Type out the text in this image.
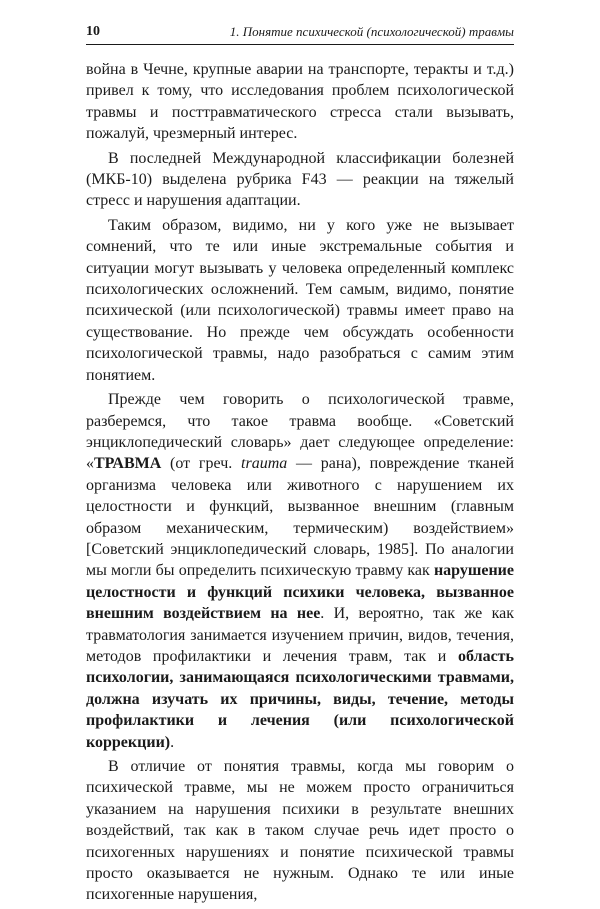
10	1. Понятие психической (психологической) травмы

война в Чечне, крупные аварии на транспорте, теракты и т.д.) привел к тому, что исследования проблем психологической травмы и посттравматического стресса стали вызывать, пожалуй, чрезмерный интерес.

В последней Международной классификации болезней (МКБ-10) выделена рубрика F43 — реакции на тяжелый стресс и нарушения адаптации.

Таким образом, видимо, ни у кого уже не вызывает сомнений, что те или иные экстремальные события и ситуации могут вызывать у человека определенный комплекс психологических осложнений. Тем самым, видимо, понятие психической (или психологической) травмы имеет право на существование. Но прежде чем обсуждать особенности психологической травмы, надо разобраться с самим этим понятием.

Прежде чем говорить о психологической травме, разберемся, что такое травма вообще. «Советский энциклопедический словарь» дает следующее определение: «ТРАВМА (от греч. trauma — рана), повреждение тканей организма человека или животного с нарушением их целостности и функций, вызванное внешним (главным образом механическим, термическим) воздействием» [Советский энциклопедический словарь, 1985]. По аналогии мы могли бы определить психическую травму как нарушение целостности и функций психики человека, вызванное внешним воздействием на нее. И, вероятно, так же как травматология занимается изучением причин, видов, течения, методов профилактики и лечения травм, так и область психологии, занимающаяся психологическими травмами, должна изучать их причины, виды, течение, методы профилактики и лечения (или психологической коррекции).

В отличие от понятия травмы, когда мы говорим о психической травме, мы не можем просто ограничиться указанием на нарушения психики в результате внешних воздействий, так как в таком случае речь идет просто о психогенных нарушениях и понятие психической травмы просто оказывается не нужным. Однако те или иные психогенные нарушения,
